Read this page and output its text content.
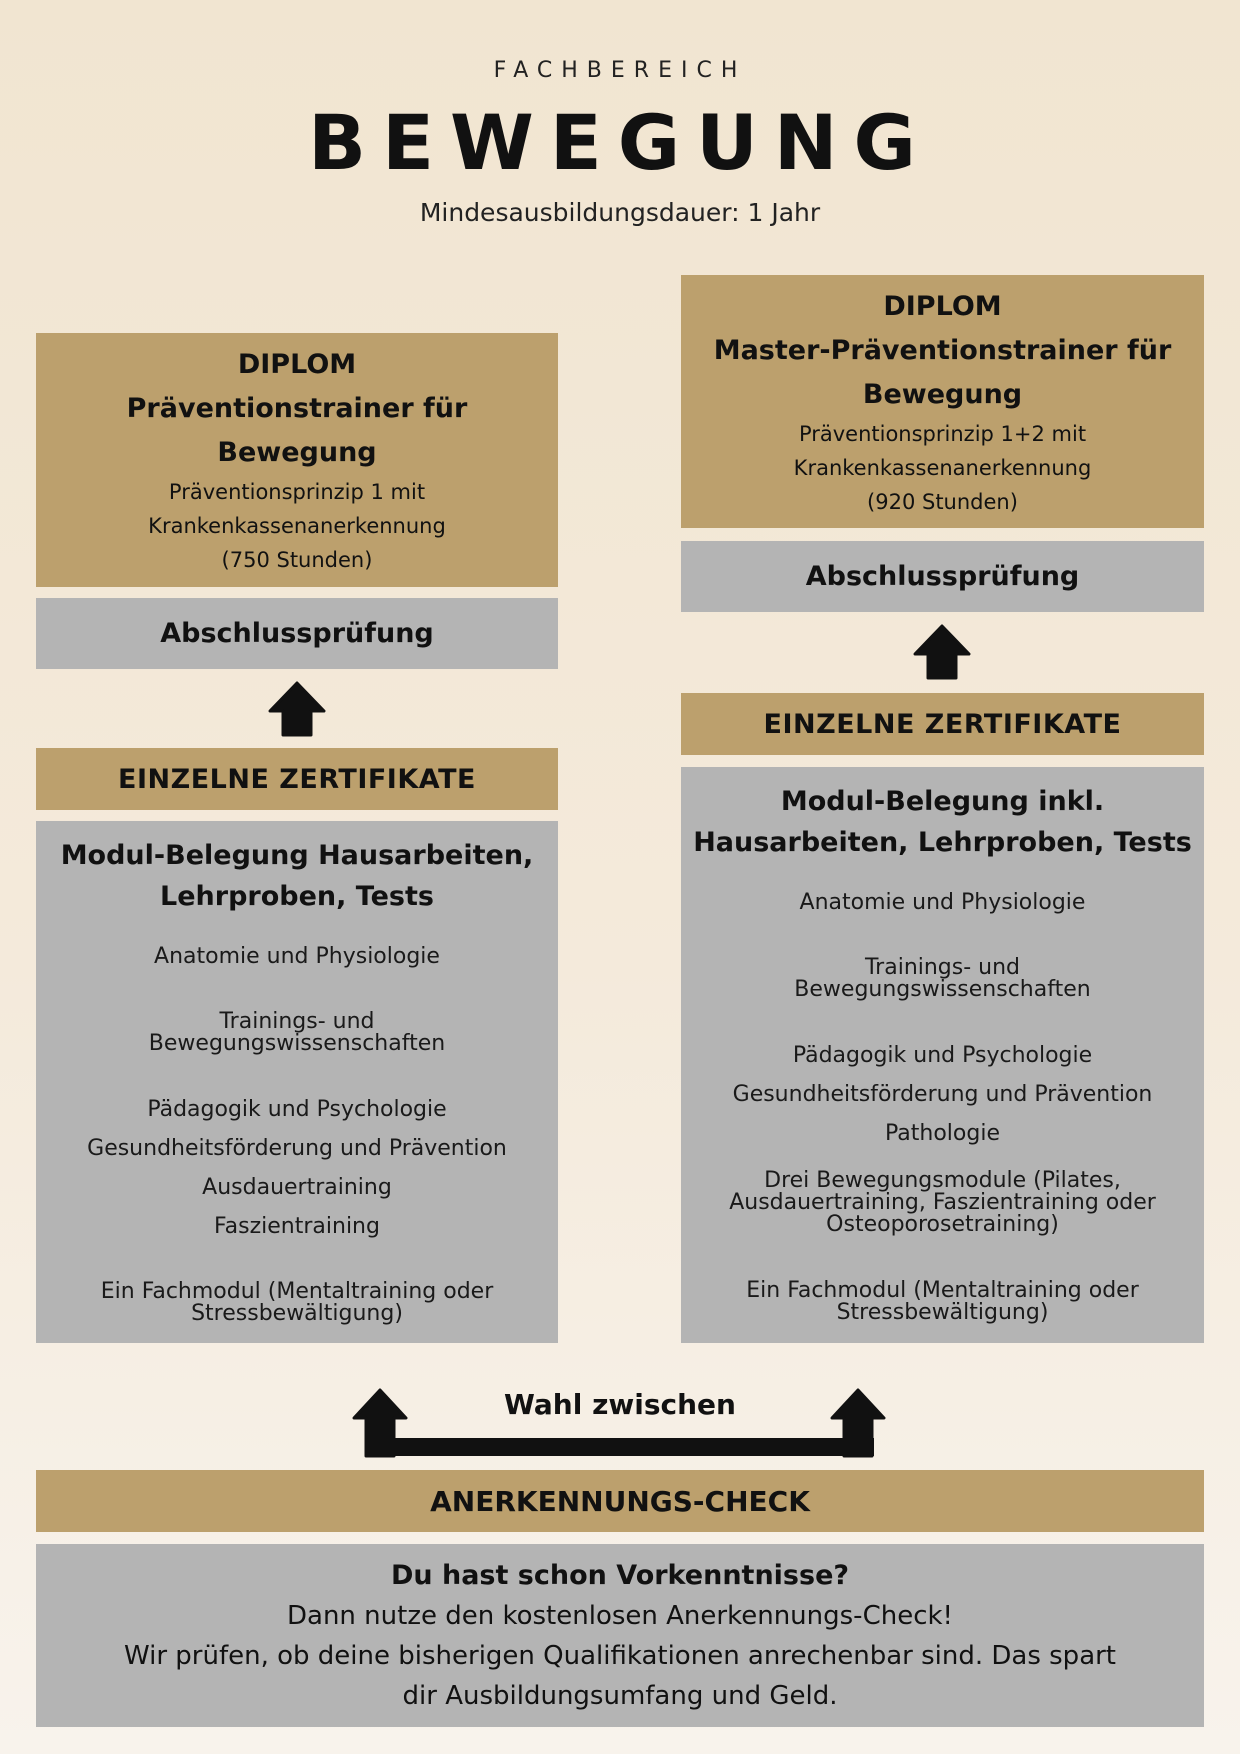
FACHBEREICH
BEWEGUNG
Mindesausbildungsdauer: 1 Jahr
DIPLOM
Präventionstrainer für
Bewegung
Präventionsprinzip 1 mit
Krankenkassenanerkennung
(750 Stunden)
Abschlussprüfung
EINZELNE ZERTIFIKATE
Modul-Belegung Hausarbeiten,
Lehrproben, Tests
Anatomie und Physiologie
Trainings- und
Bewegungswissenschaften
Pädagogik und Psychologie
Gesundheitsförderung und Prävention
Ausdauertraining
Faszientraining
Ein Fachmodul (Mentaltraining oder
Stressbewältigung)
DIPLOM
Master-Präventionstrainer für
Bewegung
Präventionsprinzip 1+2 mit
Krankenkassenanerkennung
(920 Stunden)
Abschlussprüfung
EINZELNE ZERTIFIKATE
Modul-Belegung inkl.
Hausarbeiten, Lehrproben, Tests
Anatomie und Physiologie
Trainings- und
Bewegungswissenschaften
Pädagogik und Psychologie
Gesundheitsförderung und Prävention
Pathologie
Drei Bewegungsmodule (Pilates,
Ausdauertraining, Faszientraining oder
Osteoporosetraining)
Ein Fachmodul (Mentaltraining oder
Stressbewältigung)
Wahl zwischen
ANERKENNUNGS-CHECK
Du hast schon Vorkenntnisse?
Dann nutze den kostenlosen Anerkennungs-Check!
Wir prüfen, ob deine bisherigen Qualifikationen anrechenbar sind. Das spart
dir Ausbildungsumfang und Geld.
